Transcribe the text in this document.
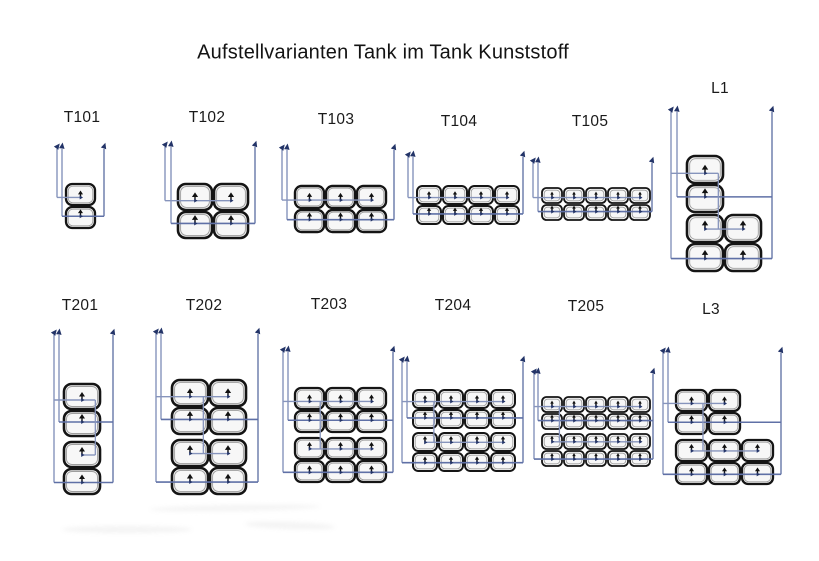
Aufstellvarianten Tank im Tank Kunststoff
T101	T102	T103	T104	T105
L1
T201	T202	T203	T204	T205	L3
